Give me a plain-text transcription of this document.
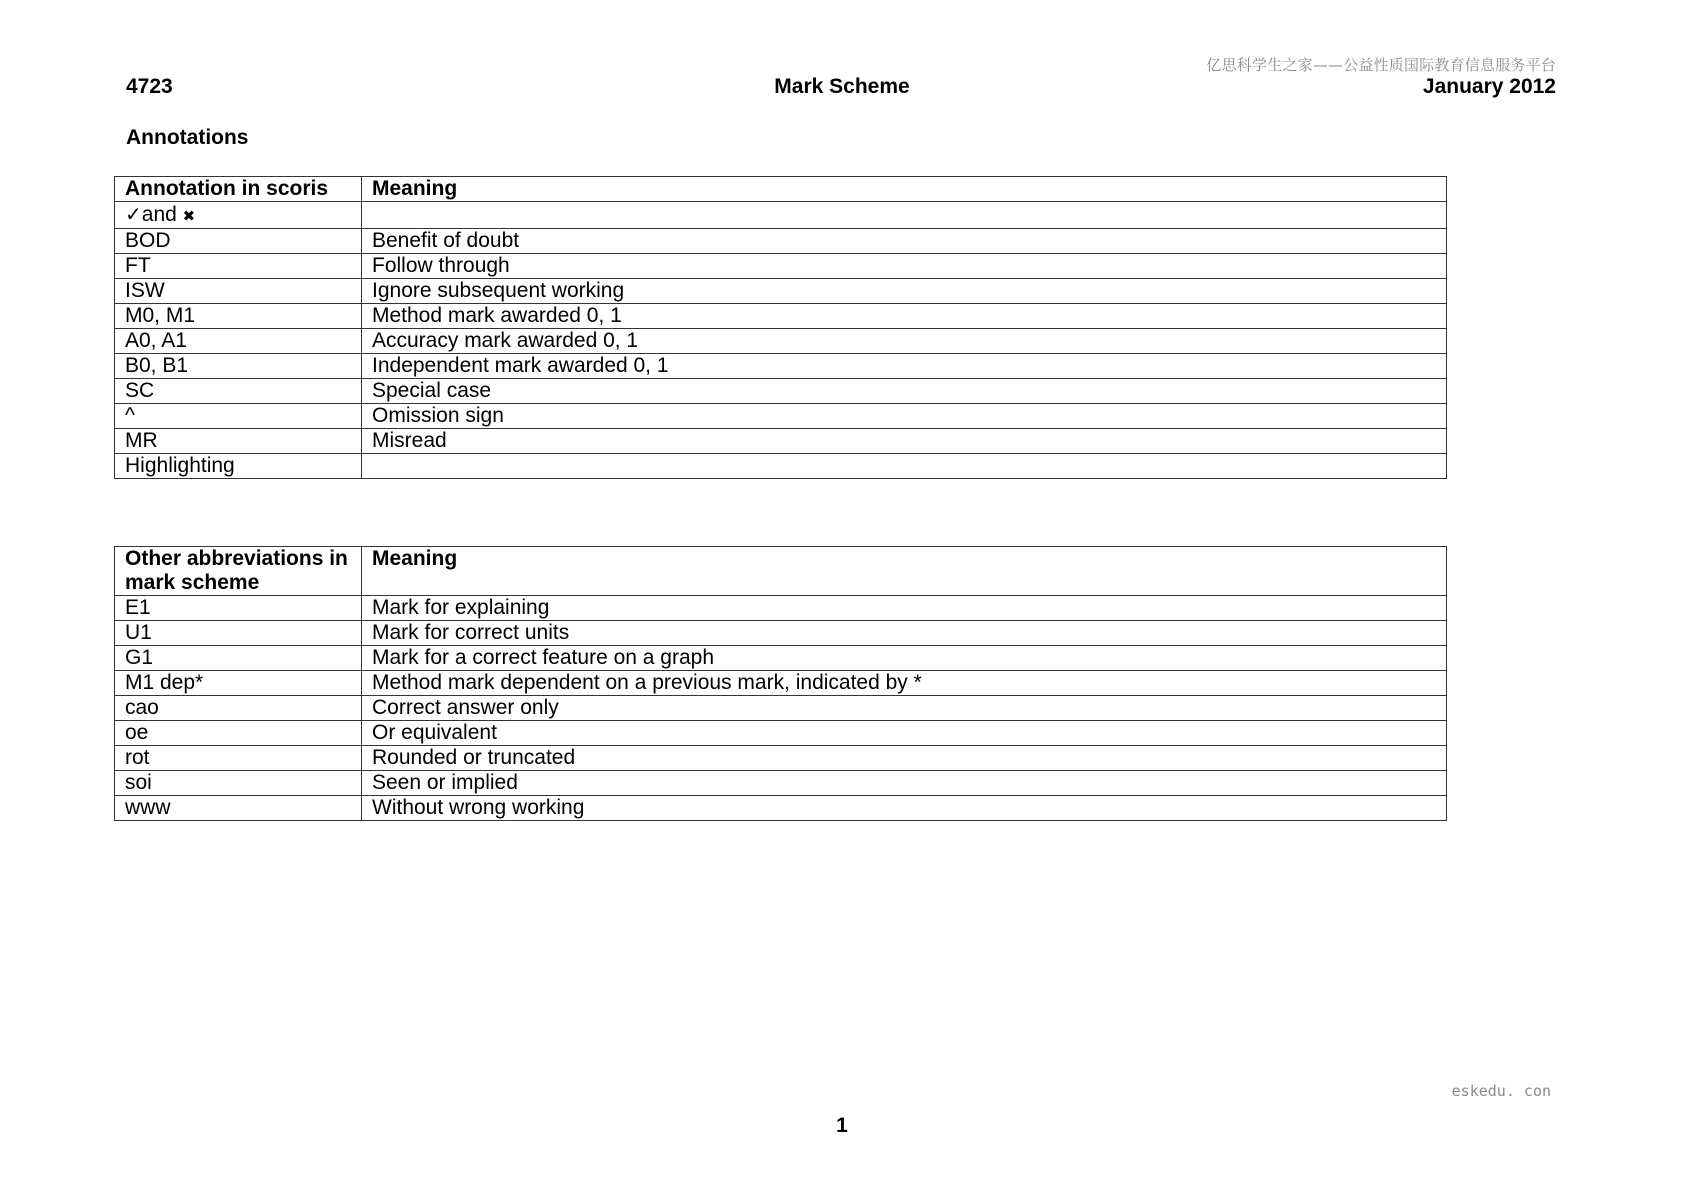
亿思科学生之家——公益性质国际教育信息服务平台
4723	Mark Scheme	January 2012
Annotations
Annotation in scoris	Meaning
✓and ✖	
BOD	Benefit of doubt
FT	Follow through
ISW	Ignore subsequent working
M0, M1	Method mark awarded 0, 1
A0, A1	Accuracy mark awarded 0, 1
B0, B1	Independent mark awarded 0, 1
SC	Special case
^	Omission sign
MR	Misread
Highlighting	
Other abbreviations in mark scheme	Meaning
E1	Mark for explaining
U1	Mark for correct units
G1	Mark for a correct feature on a graph
M1 dep*	Method mark dependent on a previous mark, indicated by *
cao	Correct answer only
oe	Or equivalent
rot	Rounded or truncated
soi	Seen or implied
www	Without wrong working
eskedu. con
1
